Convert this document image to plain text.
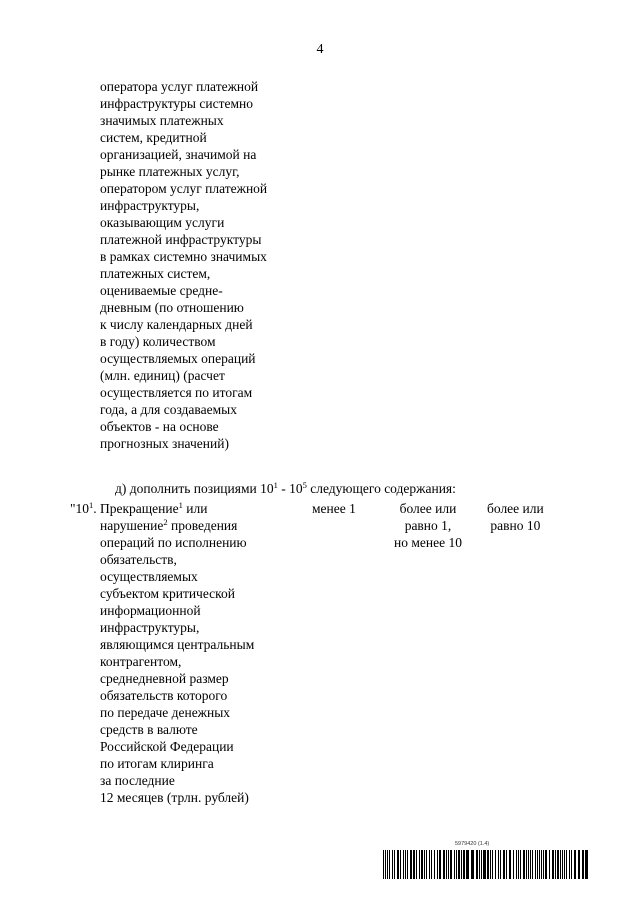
4
оператора услуг платежной
инфраструктуры системно
значимых платежных
систем, кредитной
организацией, значимой на
рынке платежных услуг,
оператором услуг платежной
инфраструктуры,
оказывающим услуги
платежной инфраструктуры
в рамках системно значимых
платежных систем,
оцениваемые средне-
дневным (по отношению
к числу календарных дней
в году) количеством
осуществляемых операций
(млн. единиц) (расчет
осуществляется по итогам
года, а для создаваемых
объектов - на основе
прогнозных значений)
д) дополнить позициями $10^1 - 10^5$ следующего содержания:
"$10^1$. Прекращение$^1$ или
нарушение$^2$ проведения
операций по исполнению
обязательств,
осуществляемых
субъектом критической
информационной
инфраструктуры,
являющимся центральным
контрагентом,
среднедневной размер
обязательств которого
по передаче денежных
средств в валюте
Российской Федерации
по итогам клиринга
за последние
12 месяцев (трлн. рублей)
менее 1	более или
равно 1,
но менее 10
более или
равно 10
5979420 (1.4)
